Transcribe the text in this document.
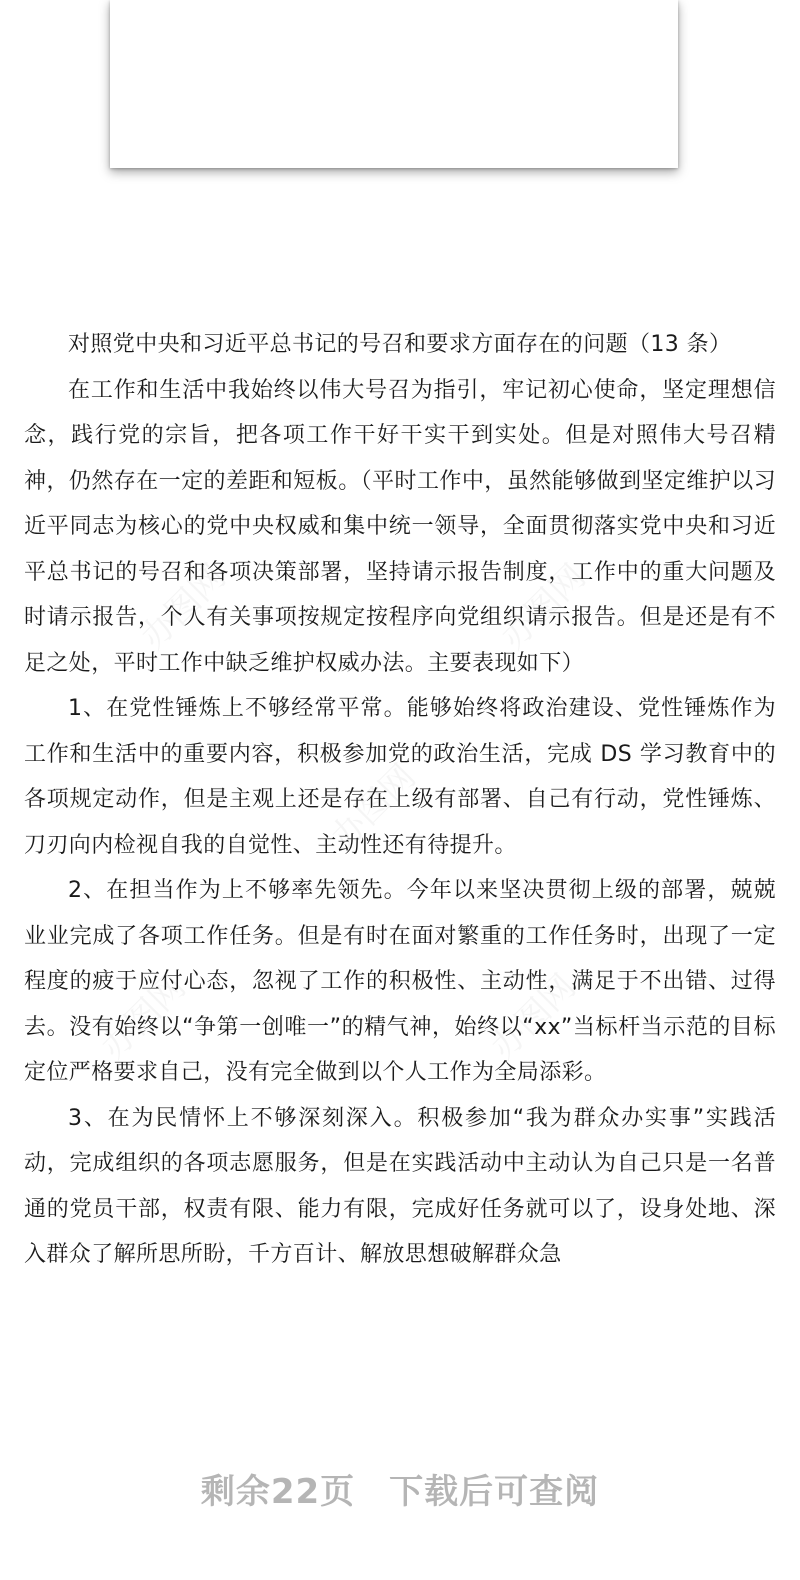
办图网	办图网
办图网
办图网	办图网

对照党中央和习近平总书记的号召和要求方面存在的问题（13 条）

在工作和生活中我始终以伟大号召为指引，牢记初心使命，坚定理想信念，践行党的宗旨，把各项工作干好干实干到实处。但是对照伟大号召精神，仍然存在一定的差距和短板。（平时工作中，虽然能够做到坚定维护以习近平同志为核心的党中央权威和集中统一领导，全面贯彻落实党中央和习近平总书记的号召和各项决策部署，坚持请示报告制度，工作中的重大问题及时请示报告，个人有关事项按规定按程序向党组织请示报告。但是还是有不足之处，平时工作中缺乏维护权威办法。主要表现如下）

1、在党性锤炼上不够经常平常。能够始终将政治建设、党性锤炼作为工作和生活中的重要内容，积极参加党的政治生活，完成 DS 学习教育中的各项规定动作，但是主观上还是存在上级有部署、自己有行动，党性锤炼、刀刃向内检视自我的自觉性、主动性还有待提升。

2、在担当作为上不够率先领先。今年以来坚决贯彻上级的部署，兢兢业业完成了各项工作任务。但是有时在面对繁重的工作任务时，出现了一定程度的疲于应付心态，忽视了工作的积极性、主动性，满足于不出错、过得去。没有始终以“争第一创唯一”的精气神，始终以“xx”当标杆当示范的目标定位严格要求自己，没有完全做到以个人工作为全局添彩。

3、在为民情怀上不够深刻深入。积极参加“我为群众办实事”实践活动，完成组织的各项志愿服务，但是在实践活动中主动认为自己只是一名普通的党员干部，权责有限、能力有限，完成好任务就可以了，设身处地、深入群众了解所思所盼，千方百计、解放思想破解群众急

剩余22页 下载后可查阅
